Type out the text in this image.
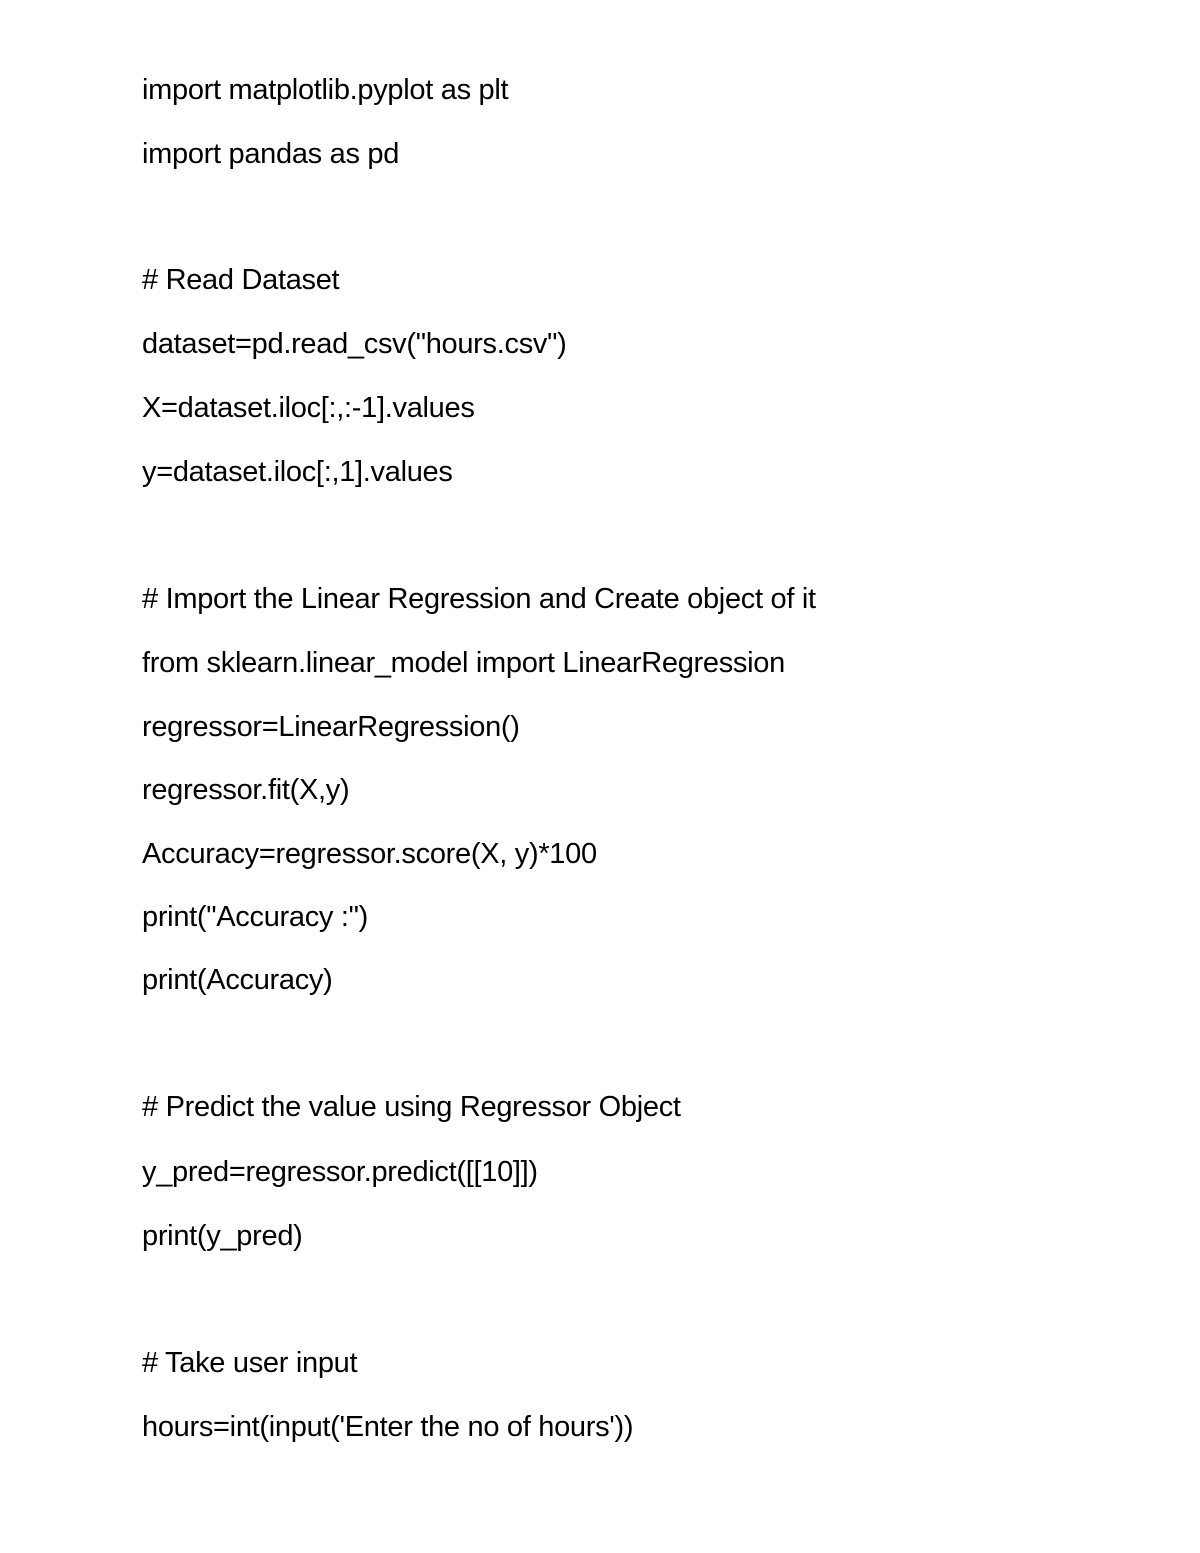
import matplotlib.pyplot as plt
import pandas as pd
# Read Dataset
dataset=pd.read_csv("hours.csv")
X=dataset.iloc[:,:-1].values
y=dataset.iloc[:,1].values
# Import the Linear Regression and Create object of it
from sklearn.linear_model import LinearRegression
regressor=LinearRegression()
regressor.fit(X,y)
Accuracy=regressor.score(X, y)*100
print("Accuracy :")
print(Accuracy)
# Predict the value using Regressor Object
y_pred=regressor.predict([[10]])
print(y_pred)
# Take user input
hours=int(input('Enter the no of hours'))
